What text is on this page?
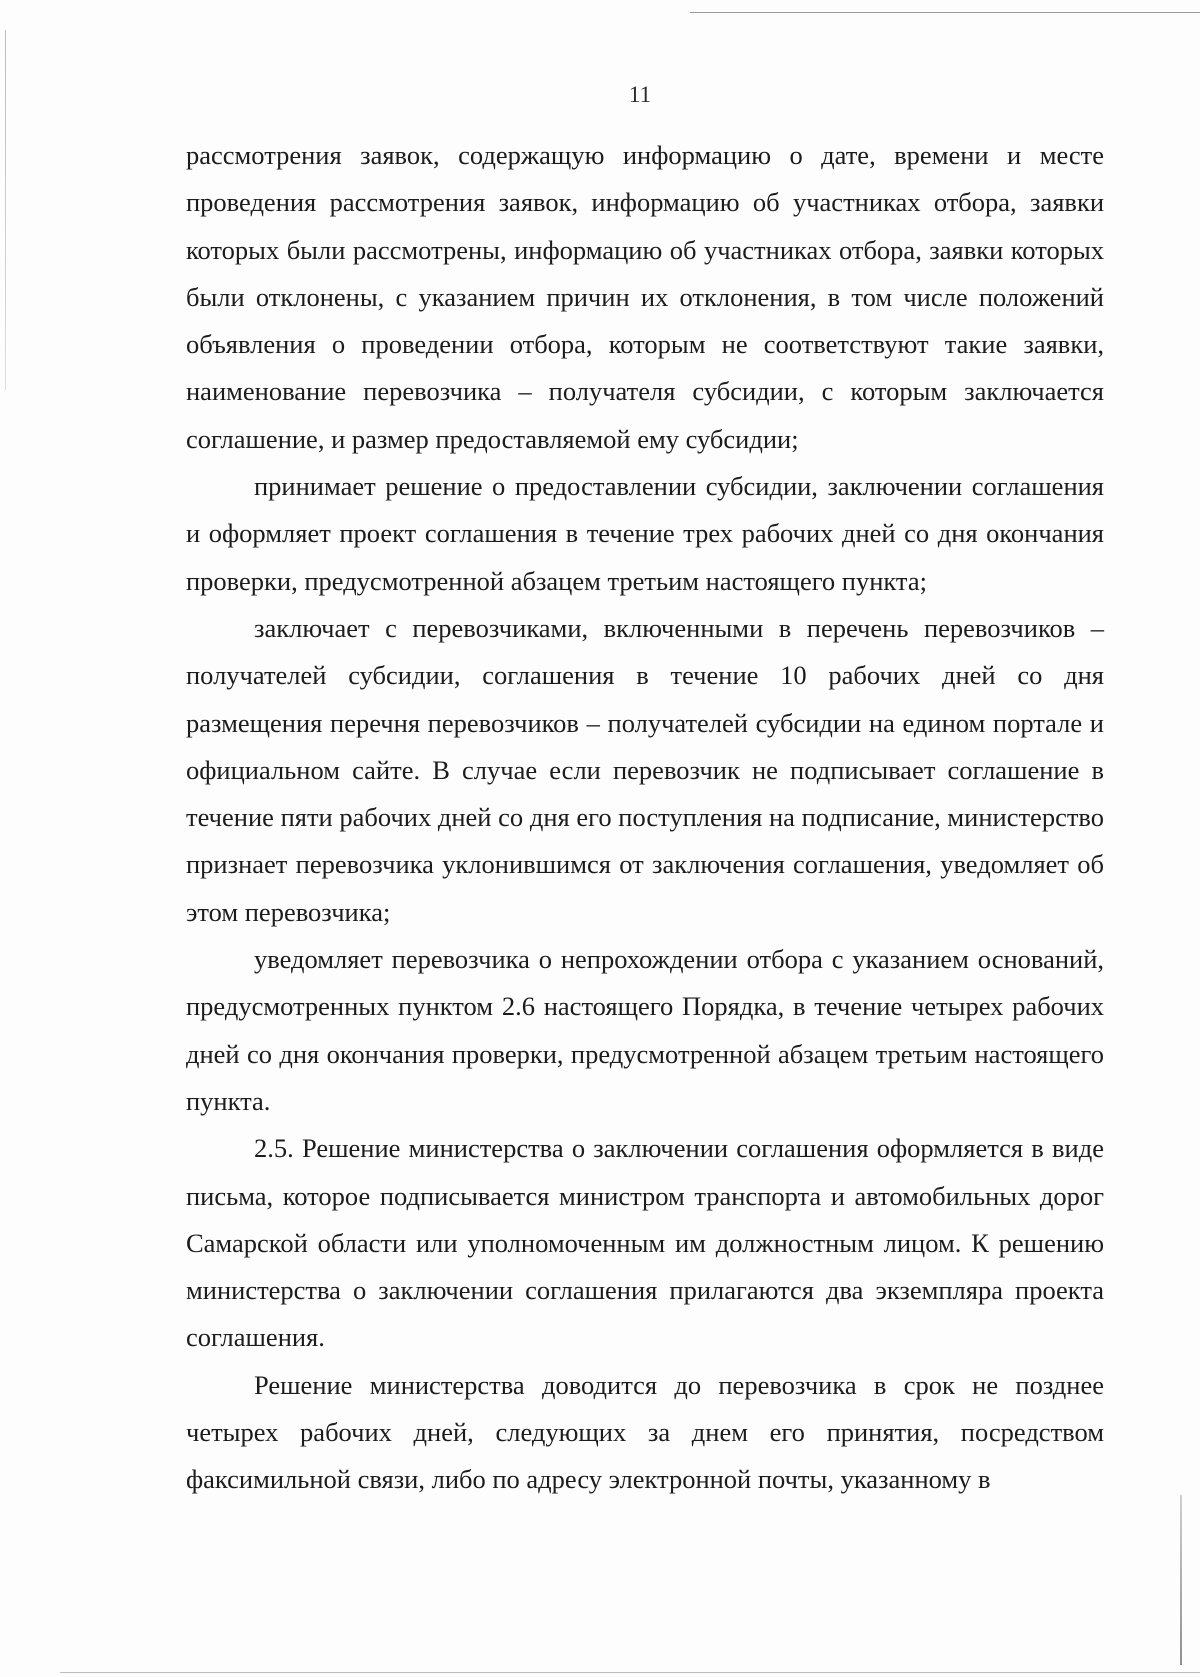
11

рассмотрения заявок, содержащую информацию о дате, времени и месте проведения рассмотрения заявок, информацию об участниках отбора, заявки которых были рассмотрены, информацию об участниках отбора, заявки которых были отклонены, с указанием причин их отклонения, в том числе положений объявления о проведении отбора, которым не соответствуют такие заявки, наименование перевозчика – получателя субсидии, с которым заключается соглашение, и размер предоставляемой ему субсидии;

принимает решение о предоставлении субсидии, заключении соглашения и оформляет проект соглашения в течение трех рабочих дней со дня окончания проверки, предусмотренной абзацем третьим настоящего пункта;

заключает с перевозчиками, включенными в перечень перевозчиков – получателей субсидии, соглашения в течение 10 рабочих дней со дня размещения перечня перевозчиков – получателей субсидии на едином портале и официальном сайте. В случае если перевозчик не подписывает соглашение в течение пяти рабочих дней со дня его поступления на подписание, министерство признает перевозчика уклонившимся от заключения соглашения, уведомляет об этом перевозчика;

уведомляет перевозчика о непрохождении отбора с указанием оснований, предусмотренных пунктом 2.6 настоящего Порядка, в течение четырех рабочих дней со дня окончания проверки, предусмотренной абзацем третьим настоящего пункта.

2.5. Решение министерства о заключении соглашения оформляется в виде письма, которое подписывается министром транспорта и автомобильных дорог Самарской области или уполномоченным им должностным лицом. К решению министерства о заключении соглашения прилагаются два экземпляра проекта соглашения.

Решение министерства доводится до перевозчика в срок не позднее четырех рабочих дней, следующих за днем его принятия, посредством факсимильной связи, либо по адресу электронной почты, указанному в
